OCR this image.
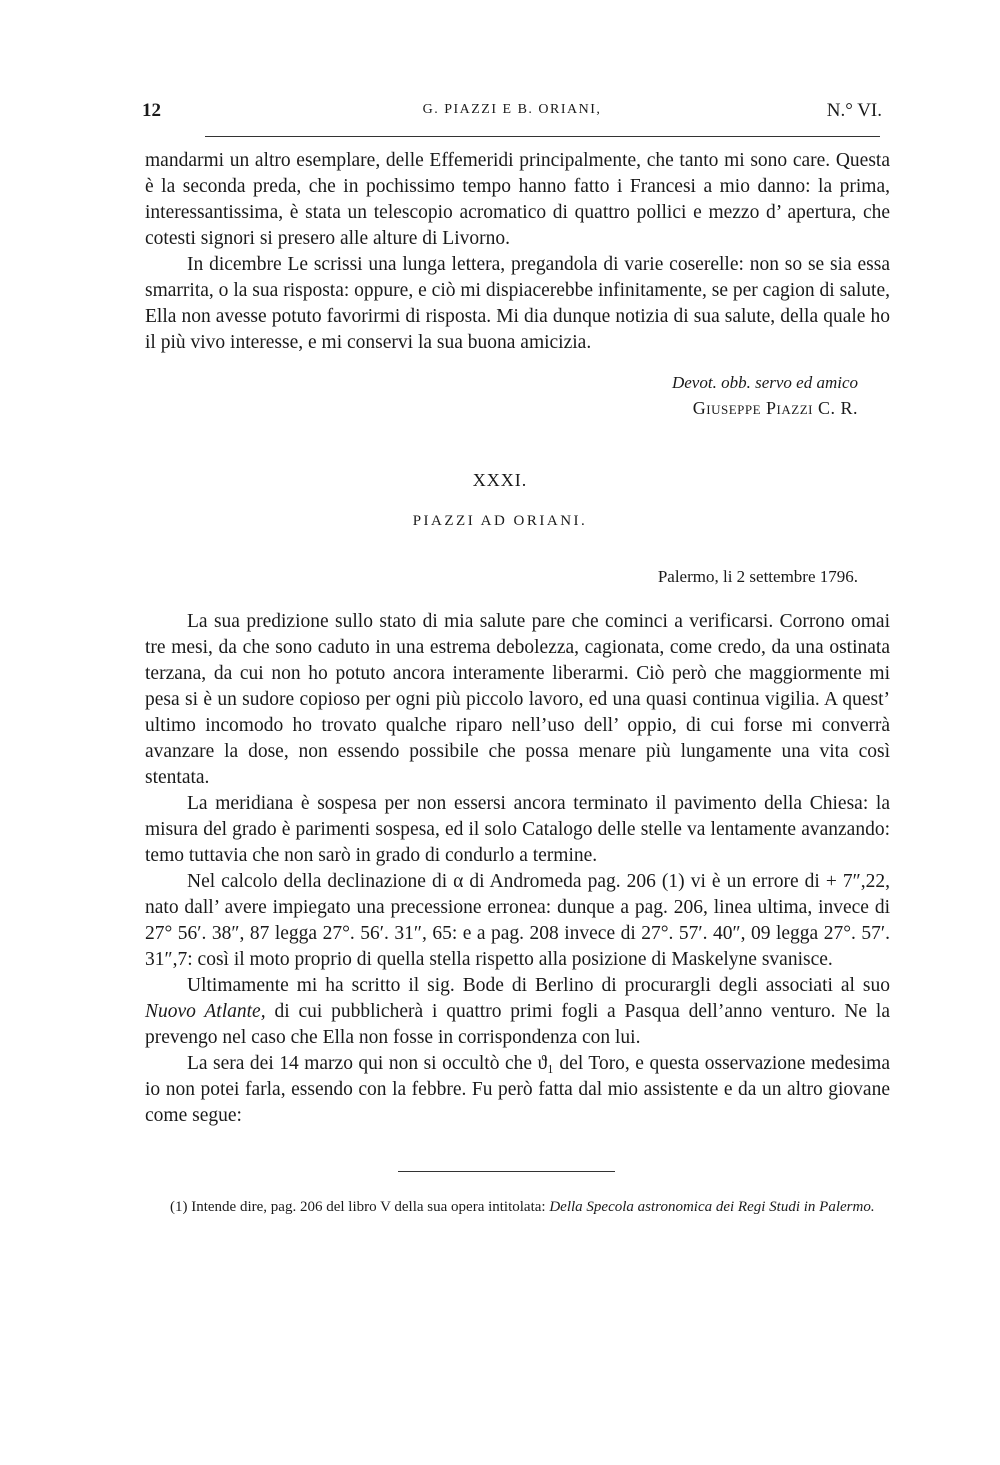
12	G. PIAZZI E B. ORIANI,	N.° VI.

mandarmi un altro esemplare, delle Effemeridi principalmente, che tanto mi sono care. Questa è la seconda preda, che in pochissimo tempo hanno fatto i Francesi a mio danno: la prima, interessantissima, è stata un telescopio acromatico di quattro pollici e mezzo d’ apertura, che cotesti signori si presero alle alture di Livorno.

In dicembre Le scrissi una lunga lettera, pregandola di varie coserelle: non so se sia essa smarrita, o la sua risposta: oppure, e ciò mi dispiacerebbe infinitamente, se per cagion di salute, Ella non avesse potuto favorirmi di risposta. Mi dia dunque notizia di sua salute, della quale ho il più vivo interesse, e mi conservi la sua buona amicizia.

Devot. obb. servo ed amico
Giuseppe Piazzi C. R.
XXXI.
PIAZZI AD ORIANI.
Palermo, li 2 settembre 1796.

La sua predizione sullo stato di mia salute pare che cominci a verificarsi. Corrono omai tre mesi, da che sono caduto in una estrema debolezza, cagionata, come credo, da una ostinata terzana, da cui non ho potuto ancora interamente liberarmi. Ciò però che maggiormente mi pesa si è un sudore copioso per ogni più piccolo lavoro, ed una quasi continua vigilia. A quest’ ultimo incomodo ho trovato qualche riparo nell’uso dell’ oppio, di cui forse mi converrà avanzare la dose, non essendo possibile che possa menare più lungamente una vita così stentata.

La meridiana è sospesa per non essersi ancora terminato il pavimento della Chiesa: la misura del grado è parimenti sospesa, ed il solo Catalogo delle stelle va lentamente avanzando: temo tuttavia che non sarò in grado di condurlo a termine.

Nel calcolo della declinazione di α di Andromeda pag. 206 (1) vi è un errore di + 7″,22, nato dall’ avere impiegato una precessione erronea: dunque a pag. 206, linea ultima, invece di 27° 56′. 38″, 87 legga 27°. 56′. 31″, 65: e a pag. 208 invece di 27°. 57′. 40″, 09 legga 27°. 57′. 31″,7: così il moto proprio di quella stella rispetto alla posizione di Maskelyne svanisce.

Ultimamente mi ha scritto il sig. Bode di Berlino di procurargli degli associati al suo Nuovo Atlante, di cui pubblicherà i quattro primi fogli a Pasqua dell’anno venturo. Ne la prevengo nel caso che Ella non fosse in corrispondenza con lui.

La sera dei 14 marzo qui non si occultò che ϑ₁ del Toro, e questa osservazione medesima io non potei farla, essendo con la febbre. Fu però fatta dal mio assistente e da un altro giovane come segue:

(1) Intende dire, pag. 206 del libro V della sua opera intitolata: Della Specola astronomica dei Regi Studi in Palermo.
